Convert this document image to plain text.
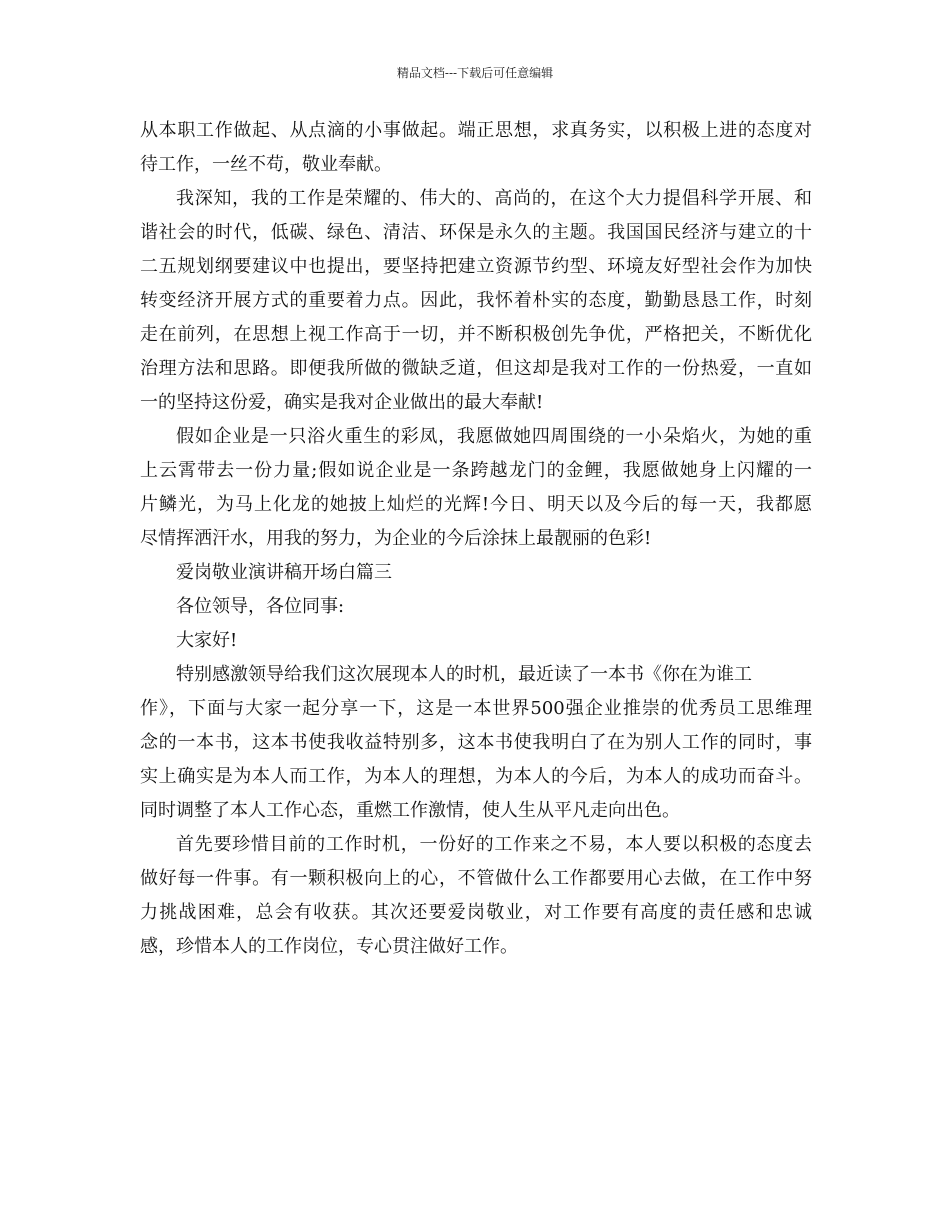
精品文档---下载后可任意编辑
从本职工作做起、从点滴的小事做起。端正思想，求真务实，以积极上进的态度对
待工作，一丝不苟，敬业奉献。
我深知，我的工作是荣耀的、伟大的、高尚的，在这个大力提倡科学开展、和
谐社会的时代，低碳、绿色、清洁、环保是永久的主题。我国国民经济与建立的十
二五规划纲要建议中也提出，要坚持把建立资源节约型、环境友好型社会作为加快
转变经济开展方式的重要着力点。因此，我怀着朴实的态度，勤勤恳恳工作，时刻
走在前列，在思想上视工作高于一切，并不断积极创先争优，严格把关，不断优化
治理方法和思路。即便我所做的微缺乏道，但这却是我对工作的一份热爱，一直如
一的坚持这份爱，确实是我对企业做出的最大奉献!
假如企业是一只浴火重生的彩凤，我愿做她四周围绕的一小朵焰火，为她的重
上云霄带去一份力量;假如说企业是一条跨越龙门的金鲤，我愿做她身上闪耀的一
片鳞光，为马上化龙的她披上灿烂的光辉!今日、明天以及今后的每一天，我都愿
尽情挥洒汗水，用我的努力，为企业的今后涂抹上最靓丽的色彩!
爱岗敬业演讲稿开场白篇三
各位领导，各位同事:
大家好!
特别感激领导给我们这次展现本人的时机，最近读了一本书《你在为谁工
作》，下面与大家一起分享一下，这是一本世界500强企业推崇的优秀员工思维理
念的一本书，这本书使我收益特别多，这本书使我明白了在为别人工作的同时，事
实上确实是为本人而工作，为本人的理想，为本人的今后，为本人的成功而奋斗。
同时调整了本人工作心态，重燃工作激情，使人生从平凡走向出色。
首先要珍惜目前的工作时机，一份好的工作来之不易，本人要以积极的态度去
做好每一件事。有一颗积极向上的心，不管做什么工作都要用心去做，在工作中努
力挑战困难，总会有收获。其次还要爱岗敬业，对工作要有高度的责任感和忠诚
感，珍惜本人的工作岗位，专心贯注做好工作。
